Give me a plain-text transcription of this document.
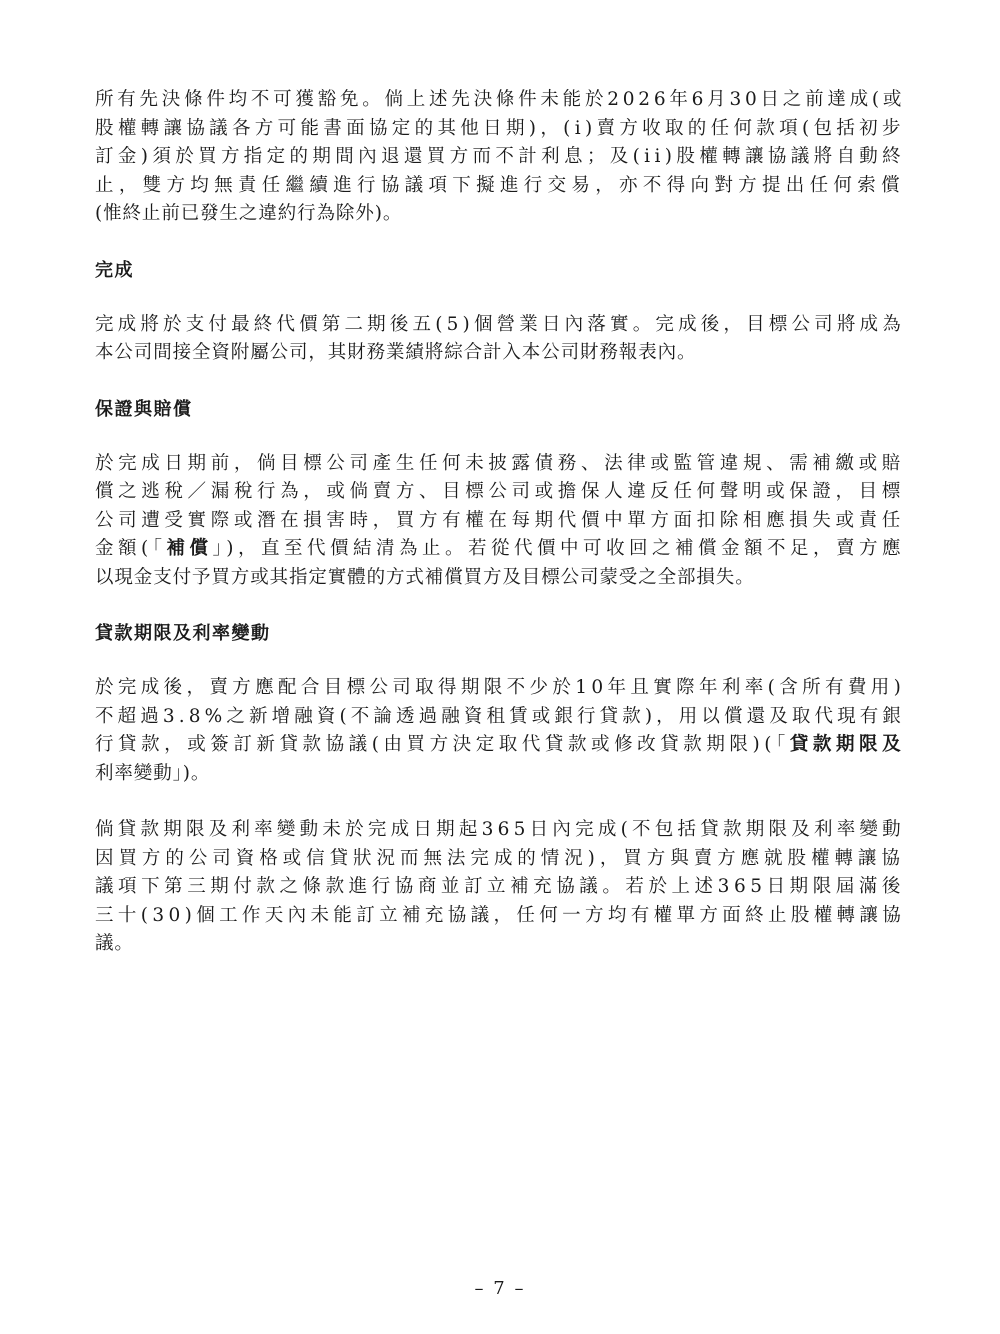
所有先決條件均不可獲豁免。倘上述先決條件未能於2026年6月30日之前達成(或
股權轉讓協議各方可能書面協定的其他日期)，(i)賣方收取的任何款項(包括初步
訂金)須於買方指定的期間內退還買方而不計利息；及(ii)股權轉讓協議將自動終
止，雙方均無責任繼續進行協議項下擬進行交易，亦不得向對方提出任何索償
(惟終止前已發生之違約行為除外)。

完成

完成將於支付最終代價第二期後五(5)個營業日內落實。完成後，目標公司將成為
本公司間接全資附屬公司，其財務業績將綜合計入本公司財務報表內。

保證與賠償

於完成日期前，倘目標公司產生任何未披露債務、法律或監管違規、需補繳或賠
償之逃稅／漏稅行為，或倘賣方、目標公司或擔保人違反任何聲明或保證，目標
公司遭受實際或潛在損害時，買方有權在每期代價中單方面扣除相應損失或責任
金額(「補償」)，直至代價結清為止。若從代價中可收回之補償金額不足，賣方應
以現金支付予買方或其指定實體的方式補償買方及目標公司蒙受之全部損失。

貸款期限及利率變動

於完成後，賣方應配合目標公司取得期限不少於10年且實際年利率(含所有費用)
不超過3.8%之新增融資(不論透過融資租賃或銀行貸款)，用以償還及取代現有銀
行貸款，或簽訂新貸款協議(由買方決定取代貸款或修改貸款期限)(「貸款期限及
利率變動」)。

倘貸款期限及利率變動未於完成日期起365日內完成(不包括貸款期限及利率變動
因買方的公司資格或信貸狀況而無法完成的情況)，買方與賣方應就股權轉讓協
議項下第三期付款之條款進行協商並訂立補充協議。若於上述365日期限屆滿後
三十(30)個工作天內未能訂立補充協議，任何一方均有權單方面終止股權轉讓協
議。

– 7 –
